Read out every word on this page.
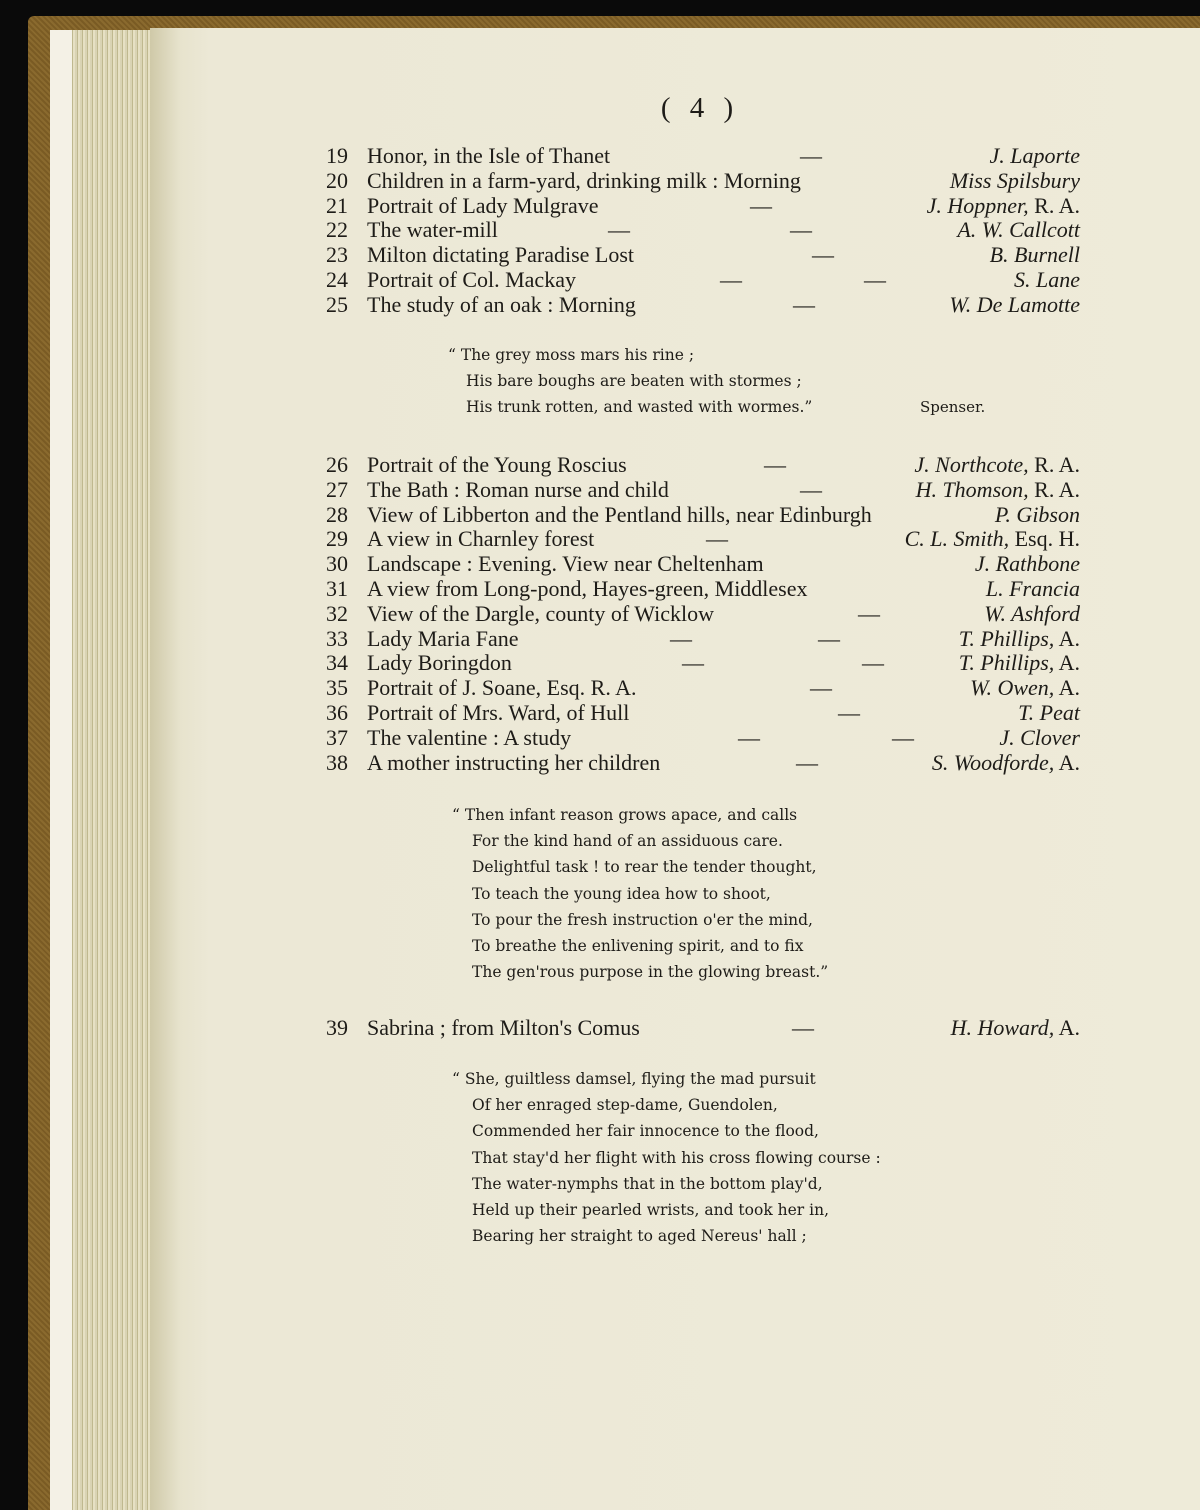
( 4 )
19 Honor, in the Isle of Thanet	—	J. Laporte
20 Children in a farm-yard, drinking milk : Morning	Miss Spilsbury
21 Portrait of Lady Mulgrave	—	J. Hoppner, R. A.
22 The water-mill	—	—	A. W. Callcott
23 Milton dictating Paradise Lost	—	B. Burnell
24 Portrait of Col. Mackay	—	—	S. Lane
25 The study of an oak : Morning	—	W. De Lamotte
26 Portrait of the Young Roscius	—	J. Northcote, R. A.
27 The Bath : Roman nurse and child	—	H. Thomson, R. A.
28 View of Libberton and the Pentland hills, near Edinburgh	P. Gibson
29 A view in Charnley forest	—	C. L. Smith, Esq. H.
30 Landscape : Evening. View near Cheltenham	J. Rathbone
31 A view from Long-pond, Hayes-green, Middlesex	L. Francia
32 View of the Dargle, county of Wicklow	—	W. Ashford
33 Lady Maria Fane	—	—	T. Phillips, A.
34 Lady Boringdon	—	—	T. Phillips, A.
35 Portrait of J. Soane, Esq. R. A.	—	W. Owen, A.
36 Portrait of Mrs. Ward, of Hull	—	T. Peat
37 The valentine : A study	—	—	J. Clover
38 A mother instructing her children	—	S. Woodforde, A.
39 Sabrina ; from Milton's Comus	—	H. Howard, A.
“ The grey moss mars his rine ;
His bare boughs are beaten with stormes ;
His trunk rotten, and wasted with wormes.”	Spenser.
“ Then infant reason grows apace, and calls
For the kind hand of an assiduous care.
Delightful task ! to rear the tender thought,
To teach the young idea how to shoot,
To pour the fresh instruction o'er the mind,
To breathe the enlivening spirit, and to fix
The gen'rous purpose in the glowing breast.”
“ She, guiltless damsel, flying the mad pursuit
Of her enraged step-dame, Guendolen,
Commended her fair innocence to the flood,
That stay'd her flight with his cross flowing course :
The water-nymphs that in the bottom play'd,
Held up their pearled wrists, and took her in,
Bearing her straight to aged Nereus' hall ;
